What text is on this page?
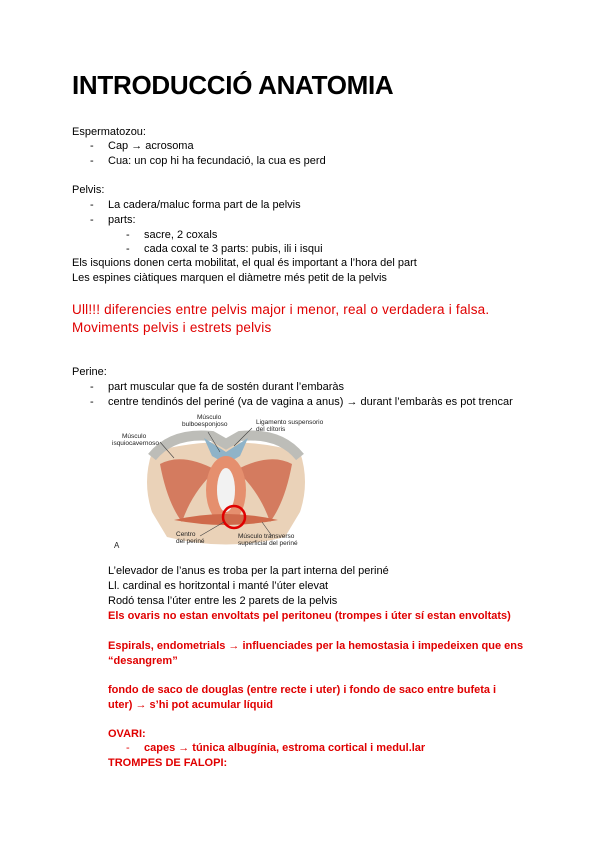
INTRODUCCIÓ ANATOMIA
Espermatozou:
- Cap → acrosoma
- Cua: un cop hi ha fecundació, la cua es perd
Pelvis:
- La cadera/maluc forma part de la pelvis
- parts:
- sacre, 2 coxals
- cada coxal te 3 parts: pubis, ili i isqui
Els isquions donen certa mobilitat, el qual és important a l’hora del part
Les espines ciàtiques marquen el diàmetre més petit de la pelvis
Ull!!! diferencies entre pelvis major i menor, real o verdadera i falsa.
Moviments pelvis i estrets pelvis
Perine:
- part muscular que fa de sostén durant l’embaràs
- centre tendinós del periné (va de vagina a anus) → durant l’embaràs es pot trencar
Músculo bulboesponjoso
Músculo isquiocavernoso
Ligamento suspensorio del clítoris
Centro del periné
Músculo transverso superficial del periné
A
L’elevador de l’anus es troba per la part interna del periné
Ll. cardinal es horitzontal i manté l’úter elevat
Rodó tensa l’úter entre les 2 parets de la pelvis
Els ovaris no estan envoltats pel peritoneu (trompes i úter sí estan envoltats)
Espirals, endometrials → influenciades per la hemostasia i impedeixen que ens
“desangrem”
fondo de saco de douglas (entre recte i uter) i fondo de saco entre bufeta i
uter) → s’hi pot acumular líquid
OVARI:
- capes → túnica albugínia, estroma cortical i medul.lar
TROMPES DE FALOPI:
